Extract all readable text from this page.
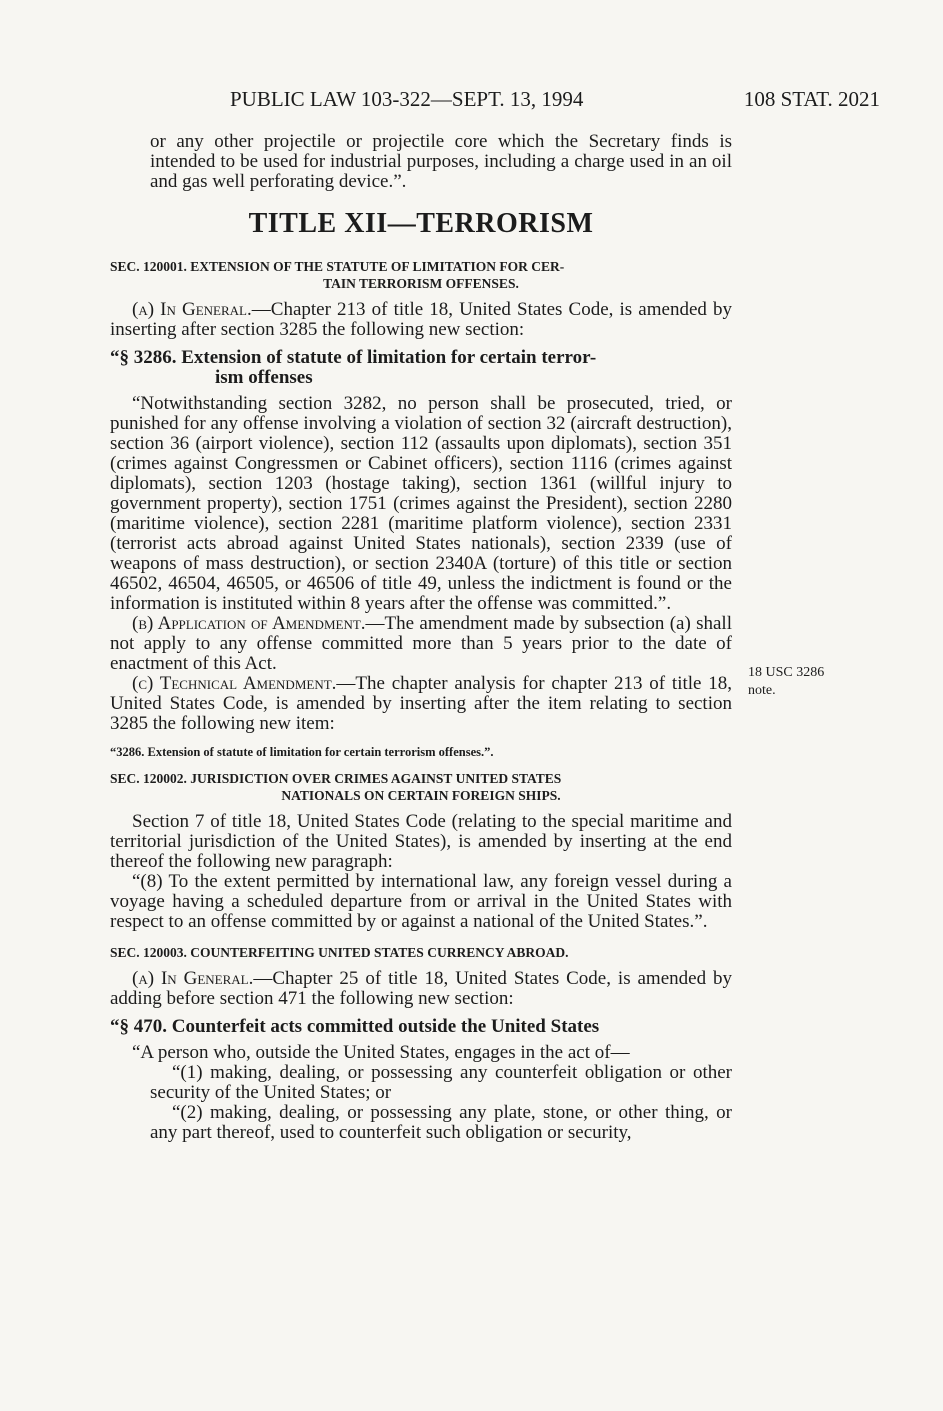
PUBLIC LAW 103-322—SEPT. 13, 1994	108 STAT. 2021

or any other projectile or projectile core which the Secretary finds is intended to be used for industrial purposes, including a charge used in an oil and gas well perforating device.”.

TITLE XII—TERRORISM
SEC. 120001. EXTENSION OF THE STATUTE OF LIMITATION FOR CER-
TAIN TERRORISM OFFENSES.

(a) In General.—Chapter 213 of title 18, United States Code, is amended by inserting after section 3285 the following new section:

“§ 3286. Extension of statute of limitation for certain terror-
ism offenses

“Notwithstanding section 3282, no person shall be prosecuted, tried, or punished for any offense involving a violation of section 32 (aircraft destruction), section 36 (airport violence), section 112 (assaults upon diplomats), section 351 (crimes against Congressmen or Cabinet officers), section 1116 (crimes against diplomats), section 1203 (hostage taking), section 1361 (willful injury to government property), section 1751 (crimes against the President), section 2280 (maritime violence), section 2281 (maritime platform violence), section 2331 (terrorist acts abroad against United States nationals), section 2339 (use of weapons of mass destruction), or section 2340A (torture) of this title or section 46502, 46504, 46505, or 46506 of title 49, unless the indictment is found or the information is instituted within 8 years after the offense was committed.”.

(b) Application of Amendment.—The amendment made by subsection (a) shall not apply to any offense committed more than 5 years prior to the date of enactment of this Act.

(c) Technical Amendment.—The chapter analysis for chapter 213 of title 18, United States Code, is amended by inserting after the item relating to section 3285 the following new item:

“3286. Extension of statute of limitation for certain terrorism offenses.”.
SEC. 120002. JURISDICTION OVER CRIMES AGAINST UNITED STATES
NATIONALS ON CERTAIN FOREIGN SHIPS.

Section 7 of title 18, United States Code (relating to the special maritime and territorial jurisdiction of the United States), is amended by inserting at the end thereof the following new paragraph:

“(8) To the extent permitted by international law, any foreign vessel during a voyage having a scheduled departure from or arrival in the United States with respect to an offense committed by or against a national of the United States.”.

SEC. 120003. COUNTERFEITING UNITED STATES CURRENCY ABROAD.

(a) In General.—Chapter 25 of title 18, United States Code, is amended by adding before section 471 the following new section:

“§ 470. Counterfeit acts committed outside the United States

“A person who, outside the United States, engages in the act of—

“(1) making, dealing, or possessing any counterfeit obligation or other security of the United States; or

“(2) making, dealing, or possessing any plate, stone, or other thing, or any part thereof, used to counterfeit such obligation or security,

18 USC 3286
note.
